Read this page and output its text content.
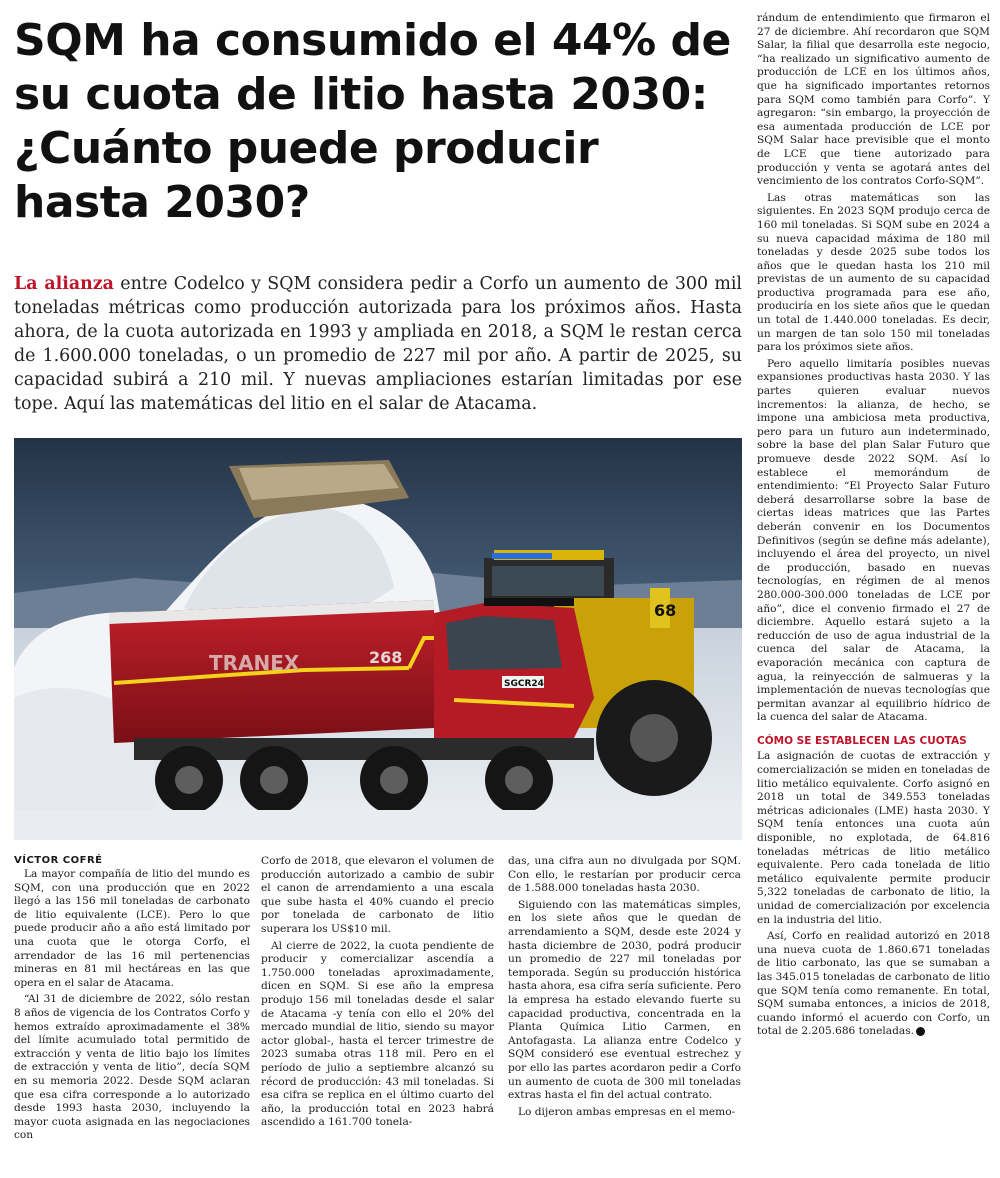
SQM ha consumido el 44% de su cuota de litio hasta 2030: ¿Cuánto puede producir hasta 2030?

La alianza entre Codelco y SQM considera pedir a Corfo un aumento de 300 mil toneladas métricas como producción autorizada para los próximos años. Hasta ahora, de la cuota autorizada en 1993 y ampliada en 2018, a SQM le restan cerca de 1.600.000 toneladas, o un promedio de 227 mil por año. A partir de 2025, su capacidad subirá a 210 mil. Y nuevas ampliaciones estarían limitadas por ese tope. Aquí las matemáticas del litio en el salar de Atacama.

68
TRANEX	268
SGCR24

VÍCTOR COFRÉ

La mayor compañía de litio del mundo es SQM, con una producción que en 2022 llegó a las 156 mil toneladas de carbonato de litio equivalente (LCE). Pero lo que puede producir año a año está limitado por una cuota que le otorga Corfo, el arrendador de las 16 mil pertenencias mineras en 81 mil hectáreas en las que opera en el salar de Atacama.

“Al 31 de diciembre de 2022, sólo restan 8 años de vigencia de los Contratos Corfo y hemos extraído aproximadamente el 38% del límite acumulado total permitido de extracción y venta de litio bajo los límites de extracción y venta de litio”, decía SQM en su memoria 2022. Desde SQM aclaran que esa cifra corresponde a lo autorizado desde 1993 hasta 2030, incluyendo la mayor cuota asignada en las negociaciones con

Corfo de 2018, que elevaron el volumen de producción autorizado a cambio de subir el canon de arrendamiento a una escala que sube hasta el 40% cuando el precio por tonelada de carbonato de litio superara los US$10 mil.

Al cierre de 2022, la cuota pendiente de producir y comercializar ascendía a 1.750.000 toneladas aproximadamente, dicen en SQM. Si ese año la empresa produjo 156 mil toneladas desde el salar de Atacama -y tenía con ello el 20% del mercado mundial de litio, siendo su mayor actor global-, hasta el tercer trimestre de 2023 sumaba otras 118 mil. Pero en el período de julio a septiembre alcanzó su récord de producción: 43 mil toneladas. Si esa cifra se replica en el último cuarto del año, la producción total en 2023 habrá ascendido a 161.700 tonela-

das, una cifra aun no divulgada por SQM. Con ello, le restarían por producir cerca de 1.588.000 toneladas hasta 2030.

Siguiendo con las matemáticas simples, en los siete años que le quedan de arrendamiento a SQM, desde este 2024 y hasta diciembre de 2030, podrá producir un promedio de 227 mil toneladas por temporada. Según su producción histórica hasta ahora, esa cifra sería suficiente. Pero la empresa ha estado elevando fuerte su capacidad productiva, concentrada en la Planta Química Litio Carmen, en Antofagasta. La alianza entre Codelco y SQM consideró ese eventual estrechez y por ello las partes acordaron pedir a Corfo un aumento de cuota de 300 mil toneladas extras hasta el fin del actual contrato.

Lo dijeron ambas empresas en el memo-

rándum de entendimiento que firmaron el 27 de diciembre. Ahí recordaron que SQM Salar, la filial que desarrolla este negocio, “ha realizado un significativo aumento de producción de LCE en los últimos años, que ha significado importantes retornos para SQM como también para Corfo”. Y agregaron: “sin embargo, la proyección de esa aumentada producción de LCE por SQM Salar hace previsible que el monto de LCE que tiene autorizado para producción y venta se agotará antes del vencimiento de los contratos Corfo-SQM”.

Las otras matemáticas son las siguientes. En 2023 SQM produjo cerca de 160 mil toneladas. Si SQM sube en 2024 a su nueva capacidad máxima de 180 mil toneladas y desde 2025 sube todos los años que le quedan hasta los 210 mil previstas de un aumento de su capacidad productiva programada para ese año, produciría en los siete años que le quedan un total de 1.440.000 toneladas. Es decir, un margen de tan solo 150 mil toneladas para los próximos siete años.

Pero aquello limitaría posibles nuevas expansiones productivas hasta 2030. Y las partes quieren evaluar nuevos incrementos: la alianza, de hecho, se impone una ambiciosa meta productiva, pero para un futuro aun indeterminado, sobre la base del plan Salar Futuro que promueve desde 2022 SQM. Así lo establece el memorándum de entendimiento: “El Proyecto Salar Futuro deberá desarrollarse sobre la base de ciertas ideas matrices que las Partes deberán convenir en los Documentos Definitivos (según se define más adelante), incluyendo el área del proyecto, un nivel de producción, basado en nuevas tecnologías, en régimen de al menos 280.000-300.000 toneladas de LCE por año”, dice el convenio firmado el 27 de diciembre. Aquello estará sujeto a la reducción de uso de agua industrial de la cuenca del salar de Atacama, la evaporación mecánica con captura de agua, la reinyección de salmueras y la implementación de nuevas tecnologías que permitan avanzar al equilibrio hídrico de la cuenca del salar de Atacama.

CÓMO SE ESTABLECEN LAS CUOTAS

La asignación de cuotas de extracción y comercialización se miden en toneladas de litio metálico equivalente. Corfo asignó en 2018 un total de 349.553 toneladas métricas adicionales (LME) hasta 2030. Y SQM tenía entonces una cuota aún disponible, no explotada, de 64.816 toneladas métricas de litio metálico equivalente. Pero cada tonelada de litio metálico equivalente permite producir 5,322 toneladas de carbonato de litio, la unidad de comercialización por excelencia en la industria del litio.

Así, Corfo en realidad autorizó en 2018 una nueva cuota de 1.860.671 toneladas de litio carbonato, las que se sumaban a las 345.015 toneladas de carbonato de litio que SQM tenía como remanente. En total, SQM sumaba entonces, a inicios de 2018, cuando informó el acuerdo con Corfo, un total de 2.205.686 toneladas.
